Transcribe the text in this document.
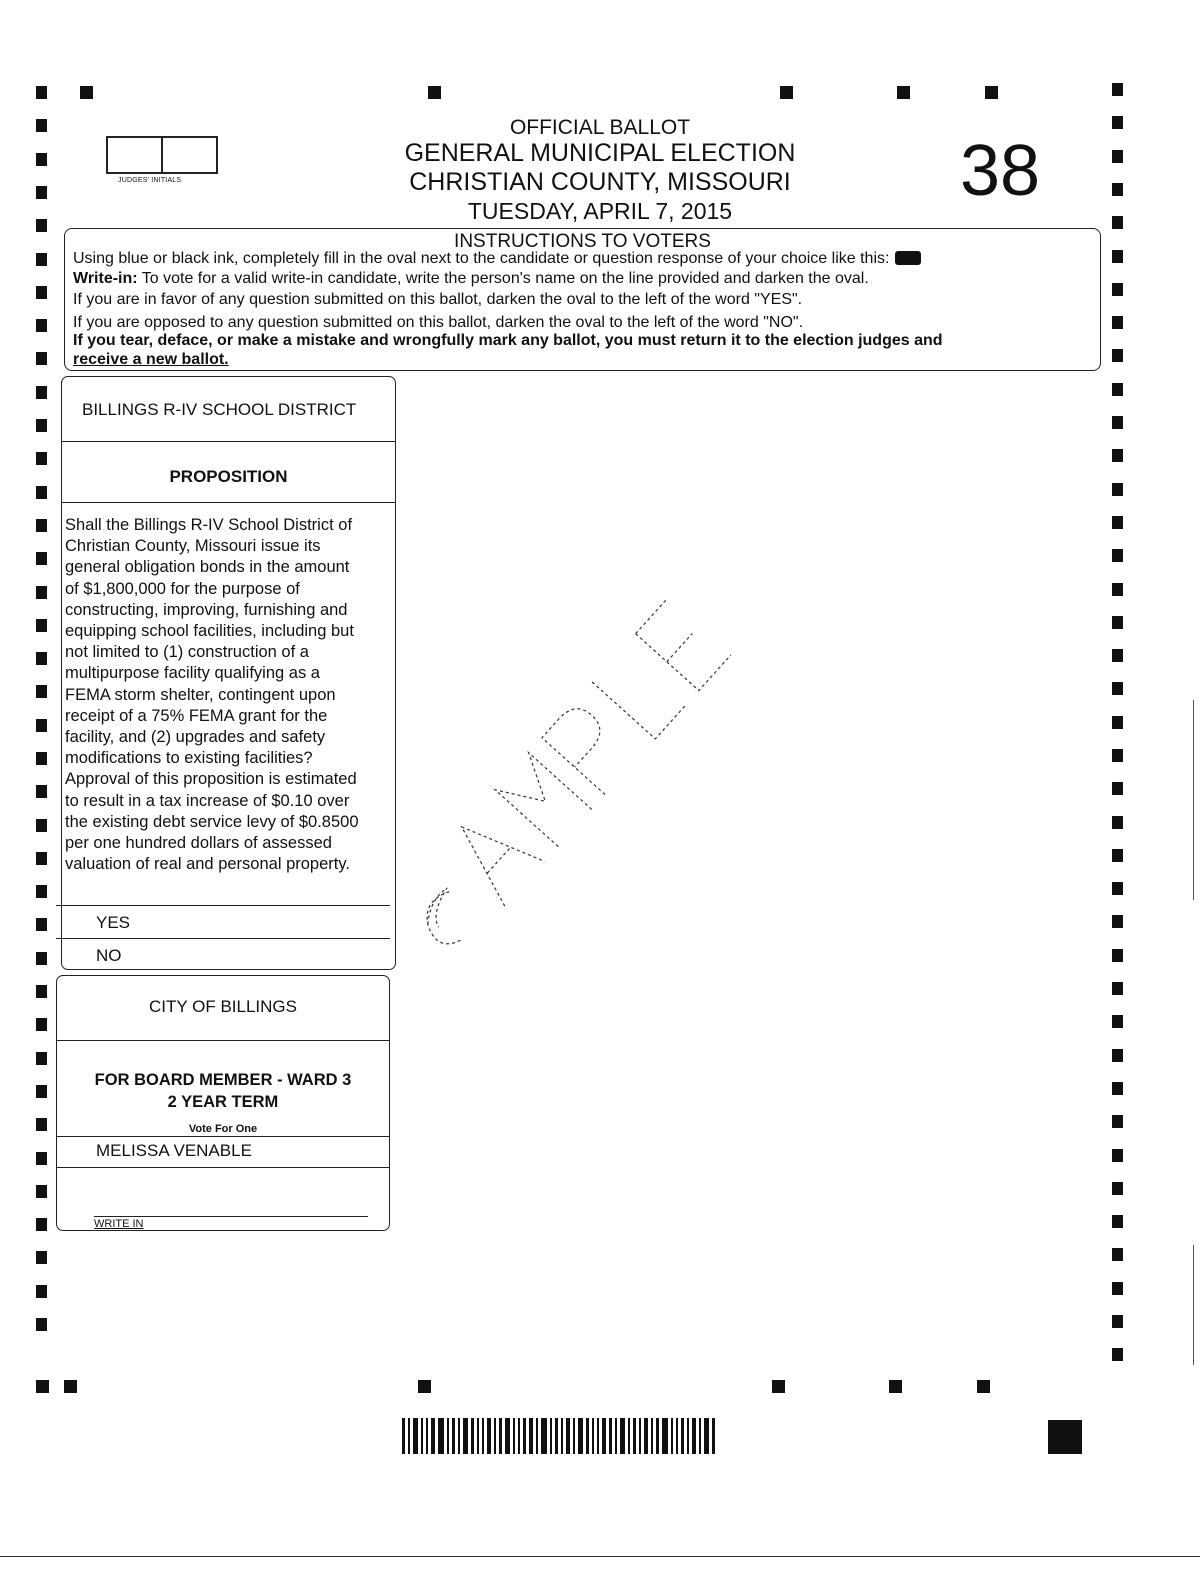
JUDGES' INITIALS
OFFICIAL BALLOT
GENERAL MUNICIPAL ELECTION
CHRISTIAN COUNTY, MISSOURI
TUESDAY, APRIL 7, 2015	38
INSTRUCTIONS TO VOTERS
Using blue or black ink, completely fill in the oval next to the candidate or question response of your choice like this:
Write-in: To vote for a valid write-in candidate, write the person's name on the line provided and darken the oval.
If you are in favor of any question submitted on this ballot, darken the oval to the left of the word "YES".
If you are opposed to any question submitted on this ballot, darken the oval to the left of the word "NO".
If you tear, deface, or make a mistake and wrongfully mark any ballot, you must return it to the election judges and
receive a new ballot.
BILLINGS R-IV SCHOOL DISTRICT
PROPOSITION
Shall the Billings R-IV School District of
Christian County, Missouri issue its
general obligation bonds in the amount
of $1,800,000 for the purpose of
constructing, improving, furnishing and
equipping school facilities, including but
not limited to (1) construction of a
multipurpose facility qualifying as a
FEMA storm shelter, contingent upon
receipt of a 75% FEMA grant for the
facility, and (2) upgrades and safety
modifications to existing facilities?
Approval of this proposition is estimated
to result in a tax increase of $0.10 over
the existing debt service levy of $0.8500
per one hundred dollars of assessed
valuation of real and personal property.
YES
NO
CITY OF BILLINGS
FOR BOARD MEMBER - WARD 3
2 YEAR TERM
Vote For One
MELISSA VENABLE
WRITE IN
